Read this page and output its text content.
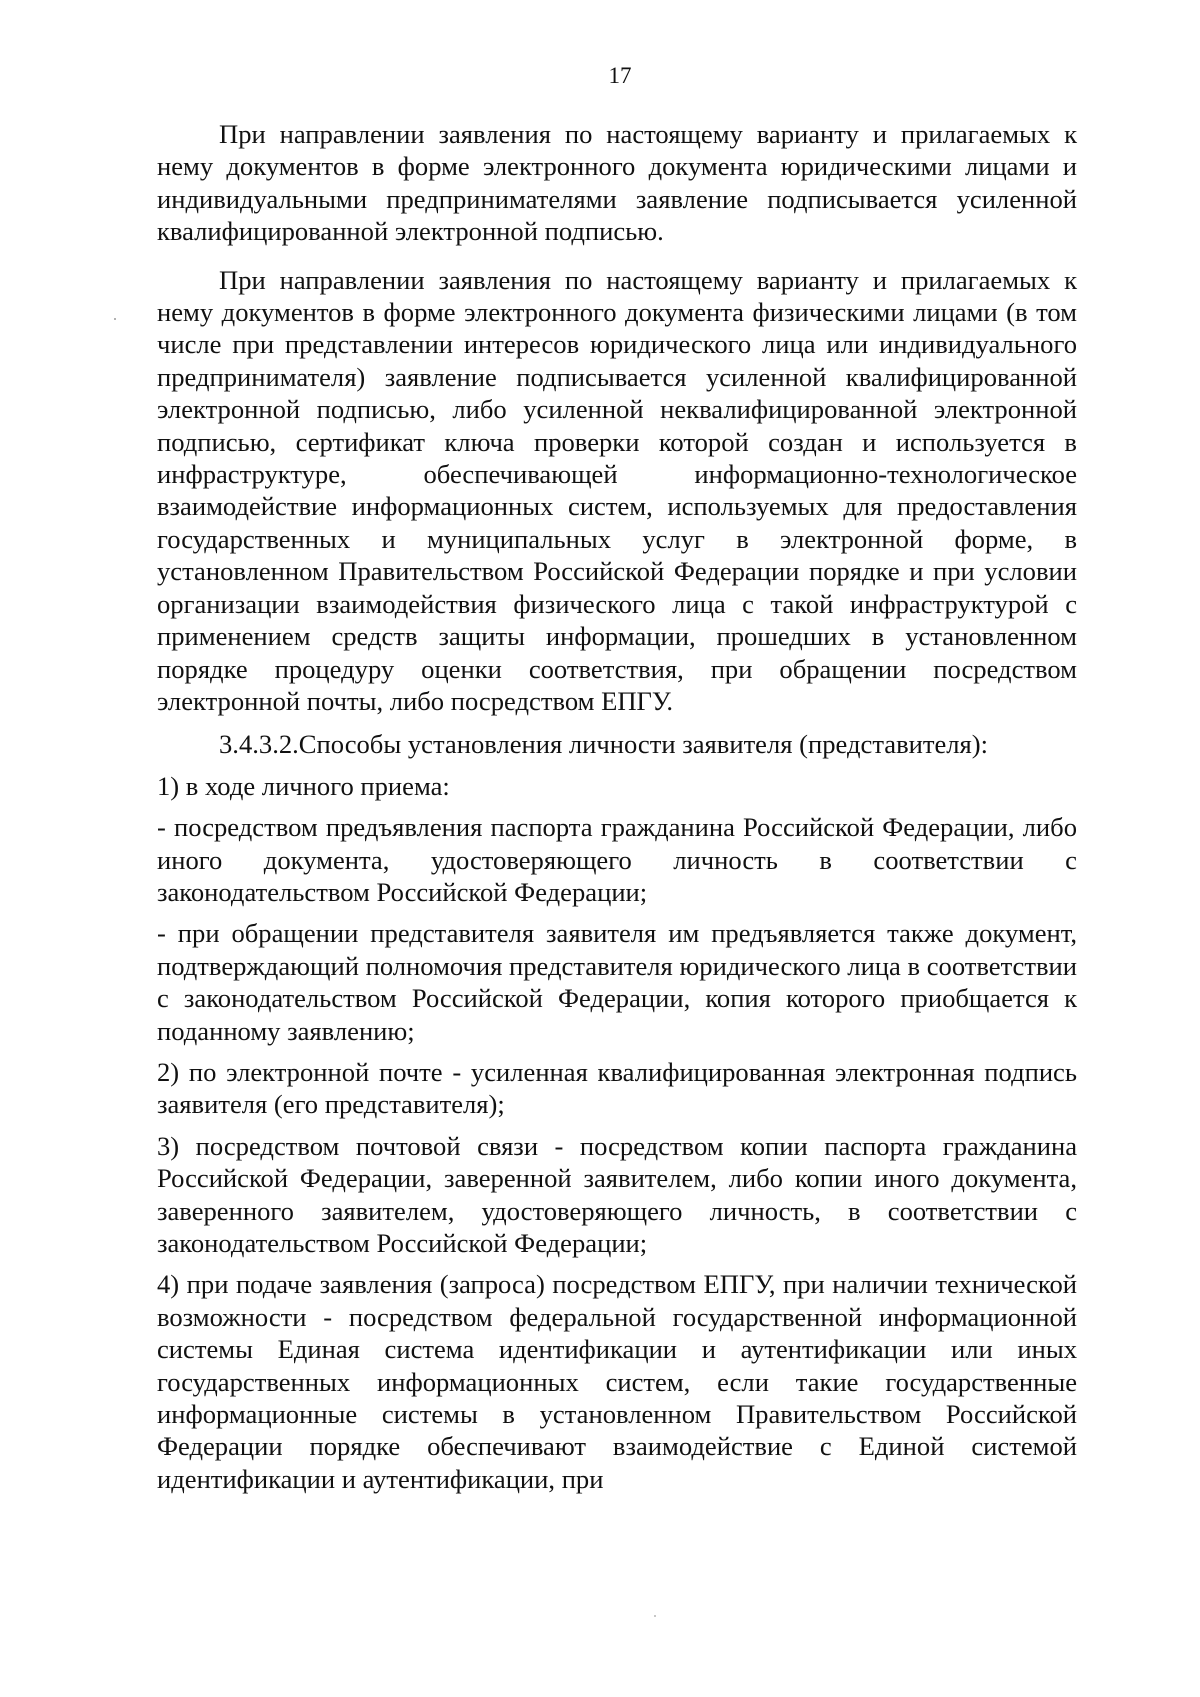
17

При направлении заявления по настоящему варианту и прилагаемых к нему документов в форме электронного документа юридическими лицами и индивидуальными предпринимателями заявление подписывается усиленной квалифицированной электронной подписью.

При направлении заявления по настоящему варианту и прилагаемых к нему документов в форме электронного документа физическими лицами (в том числе при представлении интересов юридического лица или индивидуального предпринимателя) заявление подписывается усиленной квалифицированной электронной подписью, либо усиленной неквалифицированной электронной подписью, сертификат ключа проверки которой создан и используется в инфраструктуре, обеспечивающей информационно-технологическое взаимодействие информационных систем, используемых для предоставления государственных и муниципальных услуг в электронной форме, в установленном Правительством Российской Федерации порядке и при условии организации взаимодействия физического лица с такой инфраструктурой с применением средств защиты информации, прошедших в установленном порядке процедуру оценки соответствия, при обращении посредством электронной почты, либо посредством ЕПГУ.

3.4.3.2.Способы установления личности заявителя (представителя):

1) в ходе личного приема:

- посредством предъявления паспорта гражданина Российской Федерации, либо иного документа, удостоверяющего личность в соответствии с законодательством Российской Федерации;

- при обращении представителя заявителя им предъявляется также документ, подтверждающий полномочия представителя юридического лица в соответствии с законодательством Российской Федерации, копия которого приобщается к поданному заявлению;

2) по электронной почте - усиленная квалифицированная электронная подпись заявителя (его представителя);

3) посредством почтовой связи - посредством копии паспорта гражданина Российской Федерации, заверенной заявителем, либо копии иного документа, заверенного заявителем, удостоверяющего личность, в соответствии с законодательством Российской Федерации;

4) при подаче заявления (запроса) посредством ЕПГУ, при наличии технической возможности - посредством федеральной государственной информационной системы Единая система идентификации и аутентификации или иных государственных информационных систем, если такие государственные информационные системы в установленном Правительством Российской Федерации порядке обеспечивают взаимодействие с Единой системой идентификации и аутентификации, при
